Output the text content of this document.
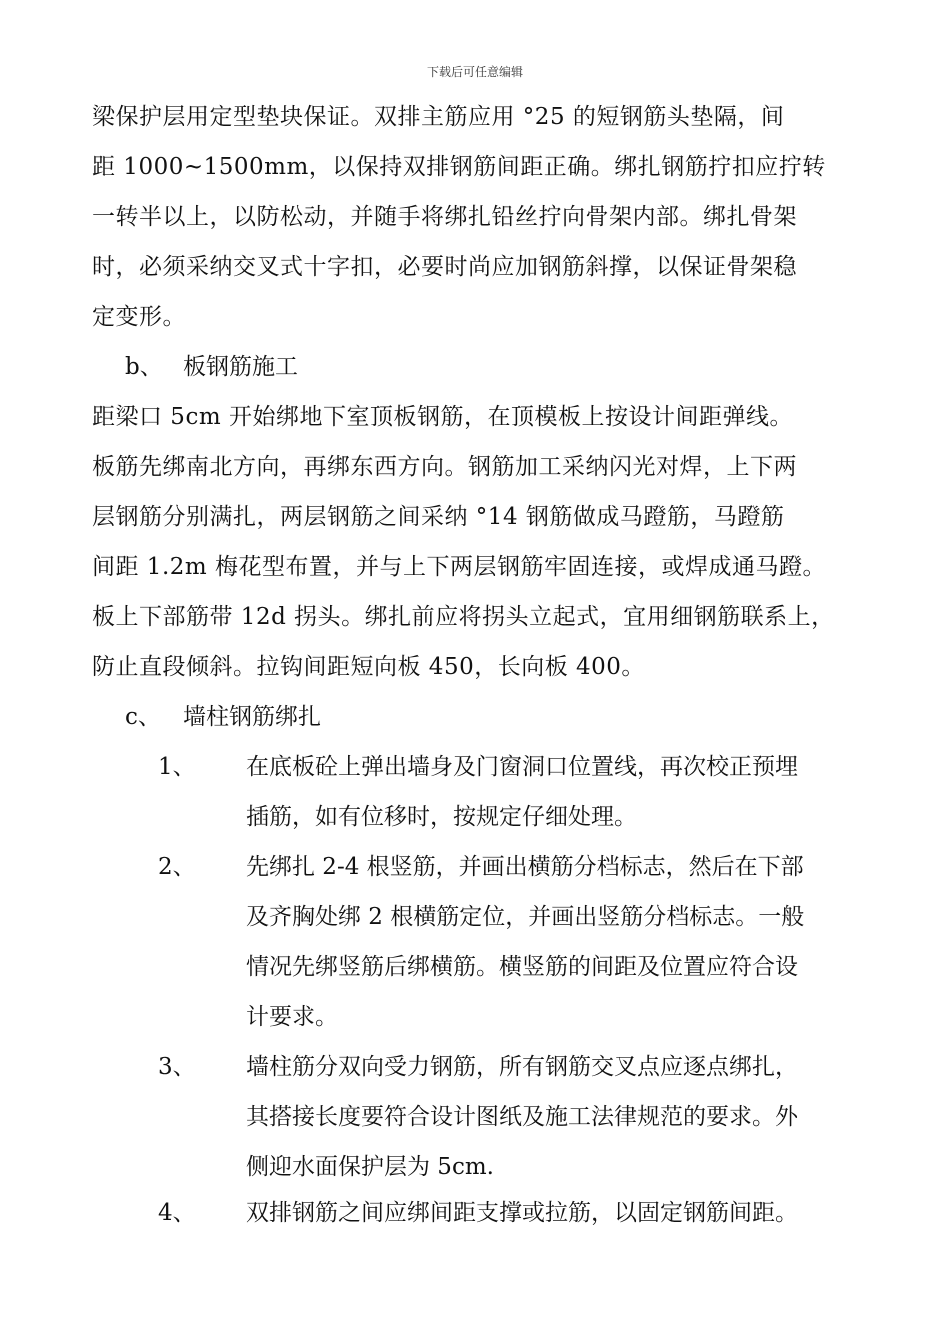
下载后可任意编辑
梁保护层用定型垫块保证。双排主筋应用 °25 的短钢筋头垫隔，间
距 1000~1500mm，以保持双排钢筋间距正确。绑扎钢筋拧扣应拧转
一转半以上，以防松动，并随手将绑扎铅丝拧向骨架内部。绑扎骨架
时，必须采纳交叉式十字扣，必要时尚应加钢筋斜撑，以保证骨架稳
定变形。
b、 板钢筋施工
距梁口 5cm 开始绑地下室顶板钢筋，在顶模板上按设计间距弹线。
板筋先绑南北方向，再绑东西方向。钢筋加工采纳闪光对焊，上下两
层钢筋分别满扎，两层钢筋之间采纳 °14 钢筋做成马蹬筋，马蹬筋
间距 1.2m 梅花型布置，并与上下两层钢筋牢固连接，或焊成通马蹬。
板上下部筋带 12d 拐头。绑扎前应将拐头立起式，宜用细钢筋联系上，
防止直段倾斜。拉钩间距短向板 450，长向板 400。
c、 墙柱钢筋绑扎
1、 在底板砼上弹出墙身及门窗洞口位置线，再次校正预埋
插筋，如有位移时，按规定仔细处理。
2、 先绑扎 2-4 根竖筋，并画出横筋分档标志，然后在下部
及齐胸处绑 2 根横筋定位，并画出竖筋分档标志。一般
情况先绑竖筋后绑横筋。横竖筋的间距及位置应符合设
计要求。
3、 墙柱筋分双向受力钢筋，所有钢筋交叉点应逐点绑扎，
其搭接长度要符合设计图纸及施工法律规范的要求。外
侧迎水面保护层为 5cm.
4、 双排钢筋之间应绑间距支撑或拉筋，以固定钢筋间距。
